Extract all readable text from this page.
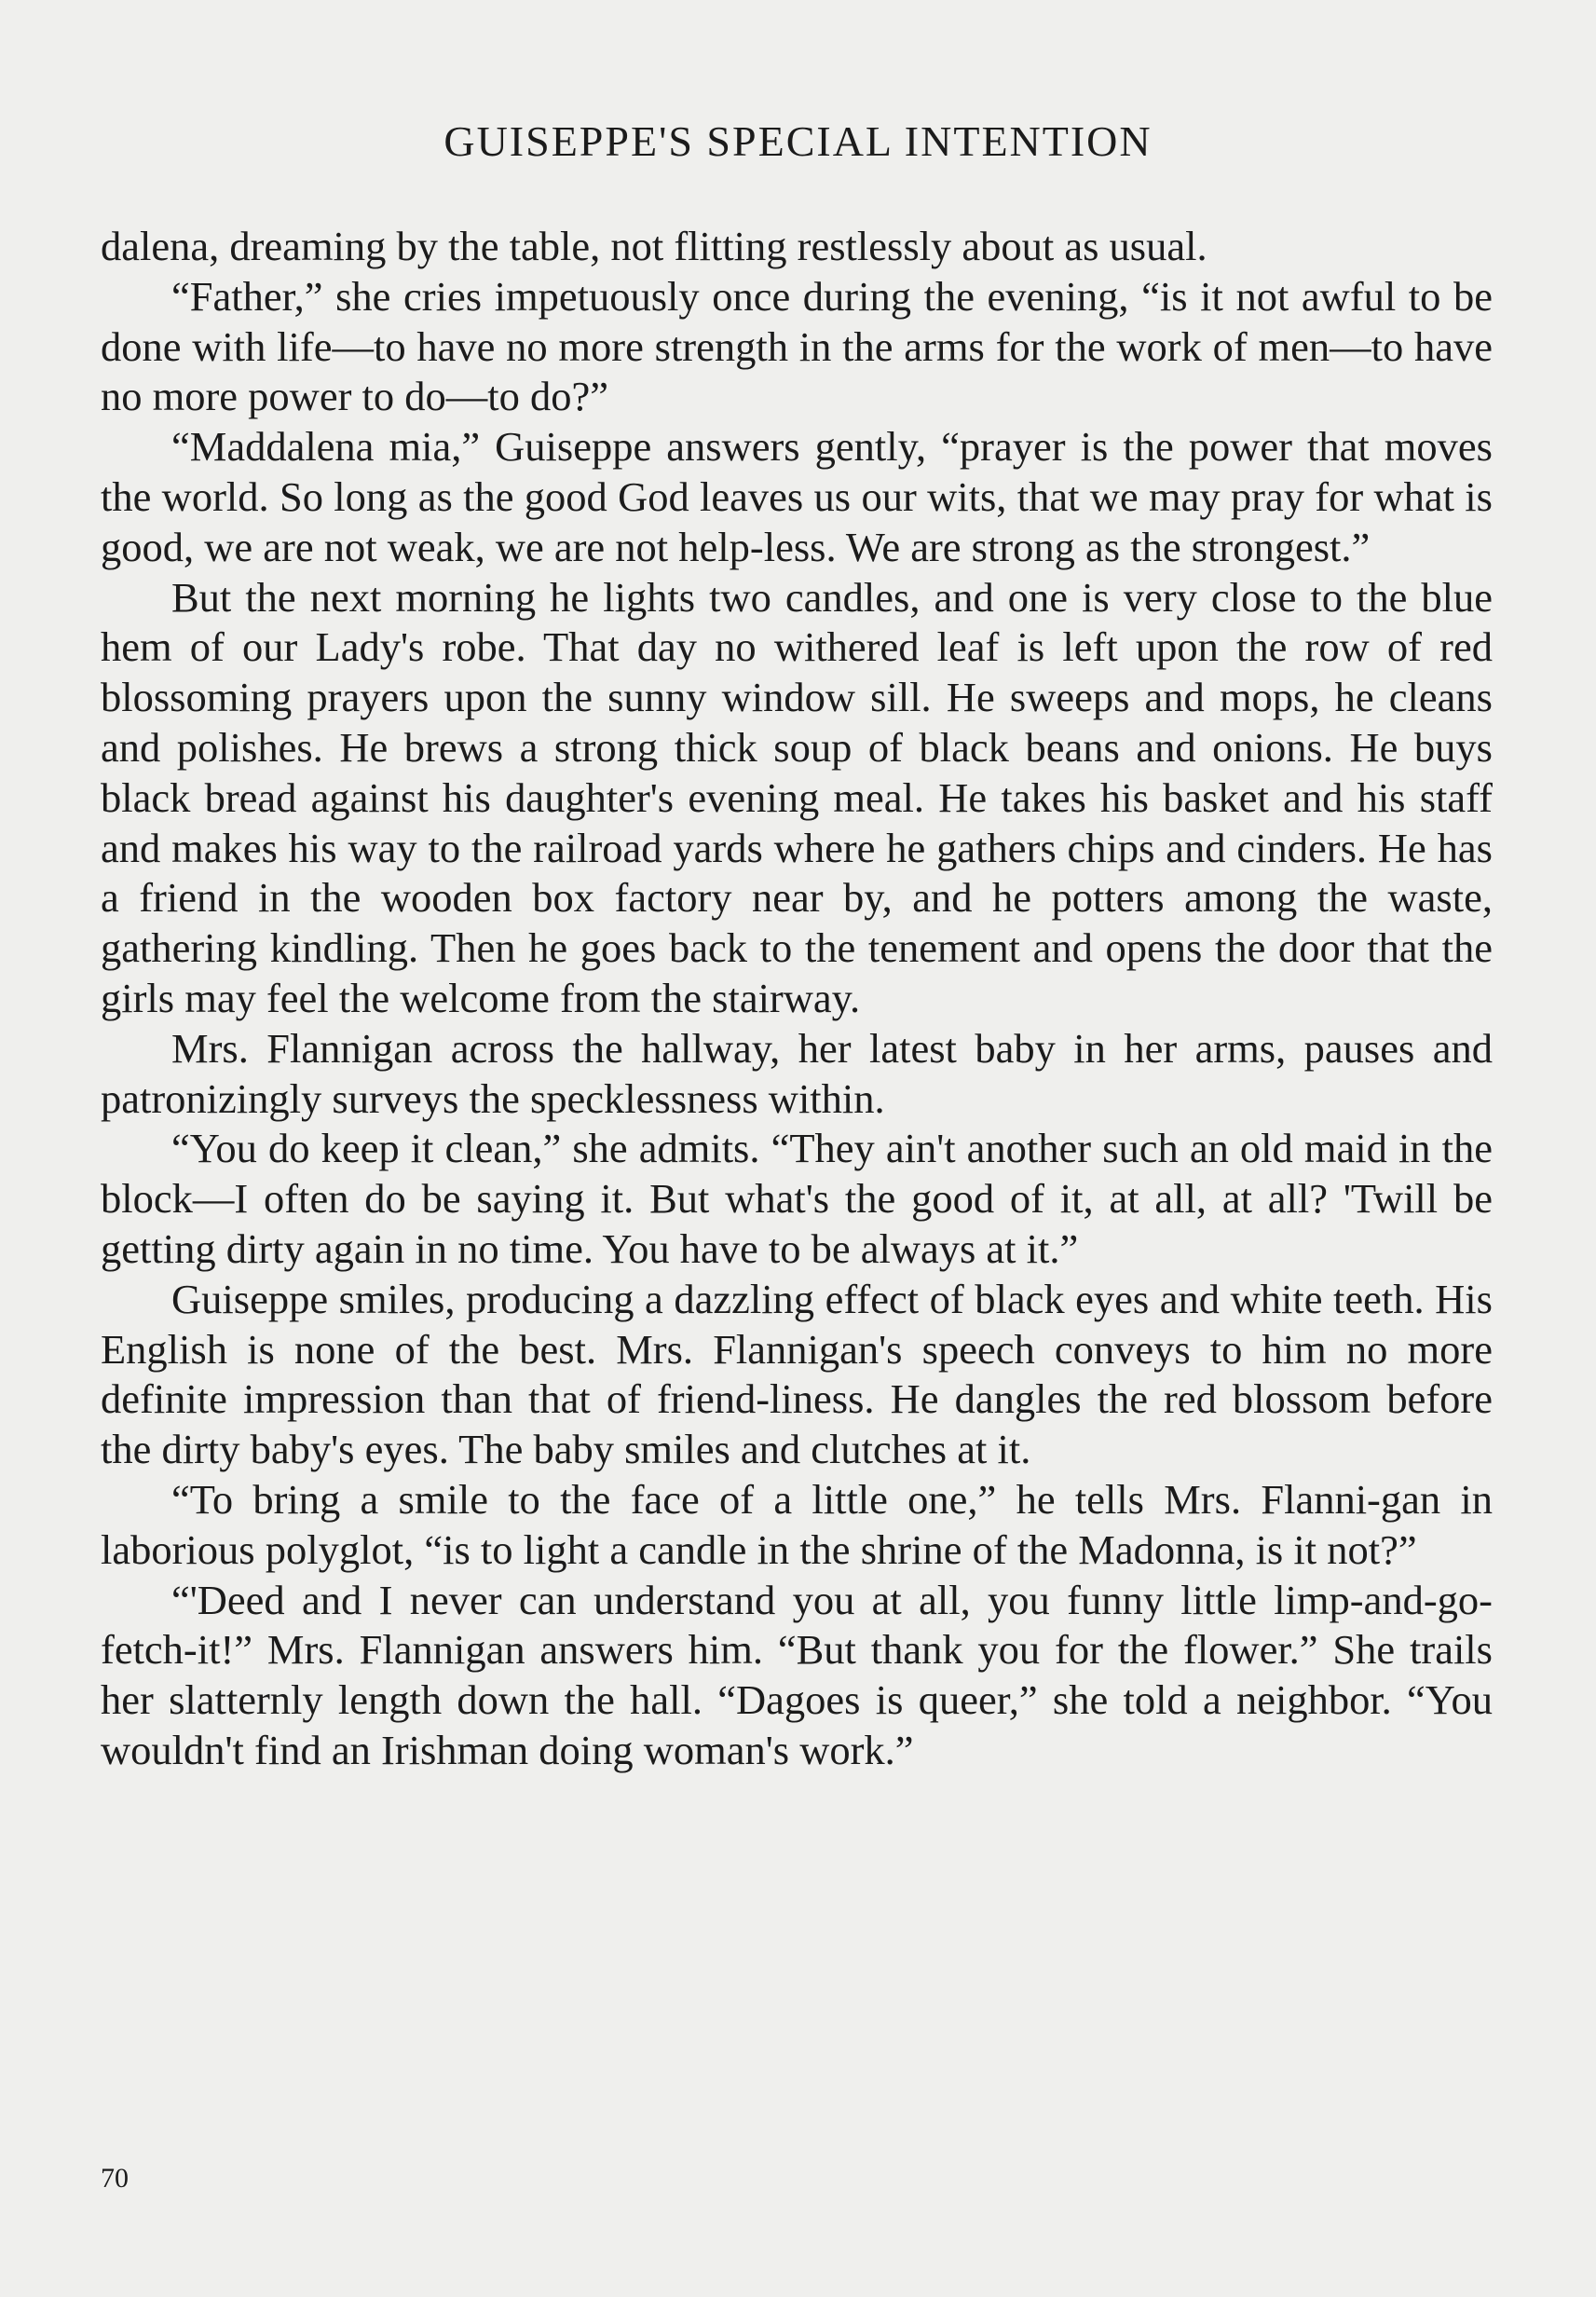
GUISEPPE'S SPECIAL INTENTION

dalena, dreaming by the table, not flitting restlessly about as usual.

“Father,” she cries impetuously once during the evening, “is it not awful to be done with life—to have no more strength in the arms for the work of men—to have no more power to do—to do?”

“Maddalena mia,” Guiseppe answers gently, “prayer is the power that moves the world. So long as the good God leaves us our wits, that we may pray for what is good, we are not weak, we are not help-less. We are strong as the strongest.”

But the next morning he lights two candles, and one is very close to the blue hem of our Lady's robe. That day no withered leaf is left upon the row of red blossoming prayers upon the sunny window sill. He sweeps and mops, he cleans and polishes. He brews a strong thick soup of black beans and onions. He buys black bread against his daughter's evening meal. He takes his basket and his staff and makes his way to the railroad yards where he gathers chips and cinders. He has a friend in the wooden box factory near by, and he potters among the waste, gathering kindling. Then he goes back to the tenement and opens the door that the girls may feel the welcome from the stairway.

Mrs. Flannigan across the hallway, her latest baby in her arms, pauses and patronizingly surveys the specklessness within.

“You do keep it clean,” she admits. “They ain't another such an old maid in the block—I often do be saying it. But what's the good of it, at all, at all? 'Twill be getting dirty again in no time. You have to be always at it.”

Guiseppe smiles, producing a dazzling effect of black eyes and white teeth. His English is none of the best. Mrs. Flannigan's speech conveys to him no more definite impression than that of friend-liness. He dangles the red blossom before the dirty baby's eyes. The baby smiles and clutches at it.

“To bring a smile to the face of a little one,” he tells Mrs. Flanni-gan in laborious polyglot, “is to light a candle in the shrine of the Madonna, is it not?”

“'Deed and I never can understand you at all, you funny little limp-and-go-fetch-it!” Mrs. Flannigan answers him. “But thank you for the flower.” She trails her slatternly length down the hall. “Dagoes is queer,” she told a neighbor. “You wouldn't find an Irishman doing woman's work.”

70
